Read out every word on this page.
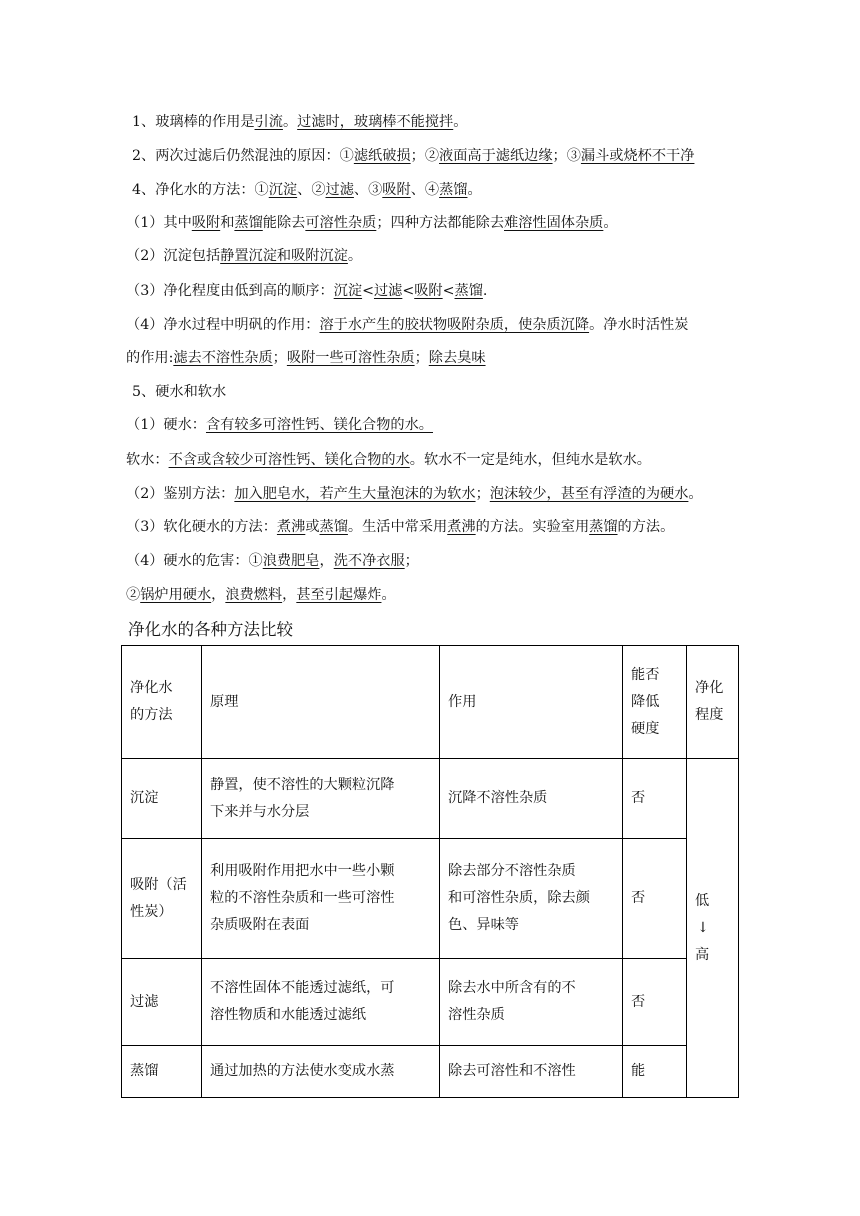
1、玻璃棒的作用是引流。过滤时，玻璃棒不能搅拌。
2、两次过滤后仍然混浊的原因：①滤纸破损；②液面高于滤纸边缘；③漏斗或烧杯不干净
4、净化水的方法：①沉淀、②过滤、③吸附、④蒸馏。
（1）其中吸附和蒸馏能除去可溶性杂质；四种方法都能除去难溶性固体杂质。
（2）沉淀包括静置沉淀和吸附沉淀。
（3）净化程度由低到高的顺序：沉淀<过滤<吸附<蒸馏.
（4）净水过程中明矾的作用：溶于水产生的胶状物吸附杂质，使杂质沉降。净水时活性炭
的作用:滤去不溶性杂质；吸附一些可溶性杂质；除去臭味
5、硬水和软水
（1）硬水：含有较多可溶性钙、镁化合物的水。
软水：不含或含较少可溶性钙、镁化合物的水。软水不一定是纯水，但纯水是软水。
（2）鉴别方法：加入肥皂水，若产生大量泡沫的为软水；泡沫较少，甚至有浮渣的为硬水。
（3）软化硬水的方法：煮沸或蒸馏。生活中常采用煮沸的方法。实验室用蒸馏的方法。
（4）硬水的危害：①浪费肥皂，洗不净衣服；
②锅炉用硬水，浪费燃料，甚至引起爆炸。
净化水的各种方法比较
净化水
的方法	原理	作用	能否
降低
硬度	净化
程度
沉淀	静置，使不溶性的大颗粒沉降
下来并与水分层	沉降不溶性杂质	否	低

↓
高
吸附（活
性炭）	利用吸附作用把水中一些小颗
粒的不溶性杂质和一些可溶性
杂质吸附在表面	除去部分不溶性杂质
和可溶性杂质，除去颜
色、异味等	否	
过滤	不溶性固体不能透过滤纸，可
溶性物质和水能透过滤纸	除去水中所含有的不
溶性杂质	否	
蒸馏	通过加热的方法使水变成水蒸	除去可溶性和不溶性	能	
